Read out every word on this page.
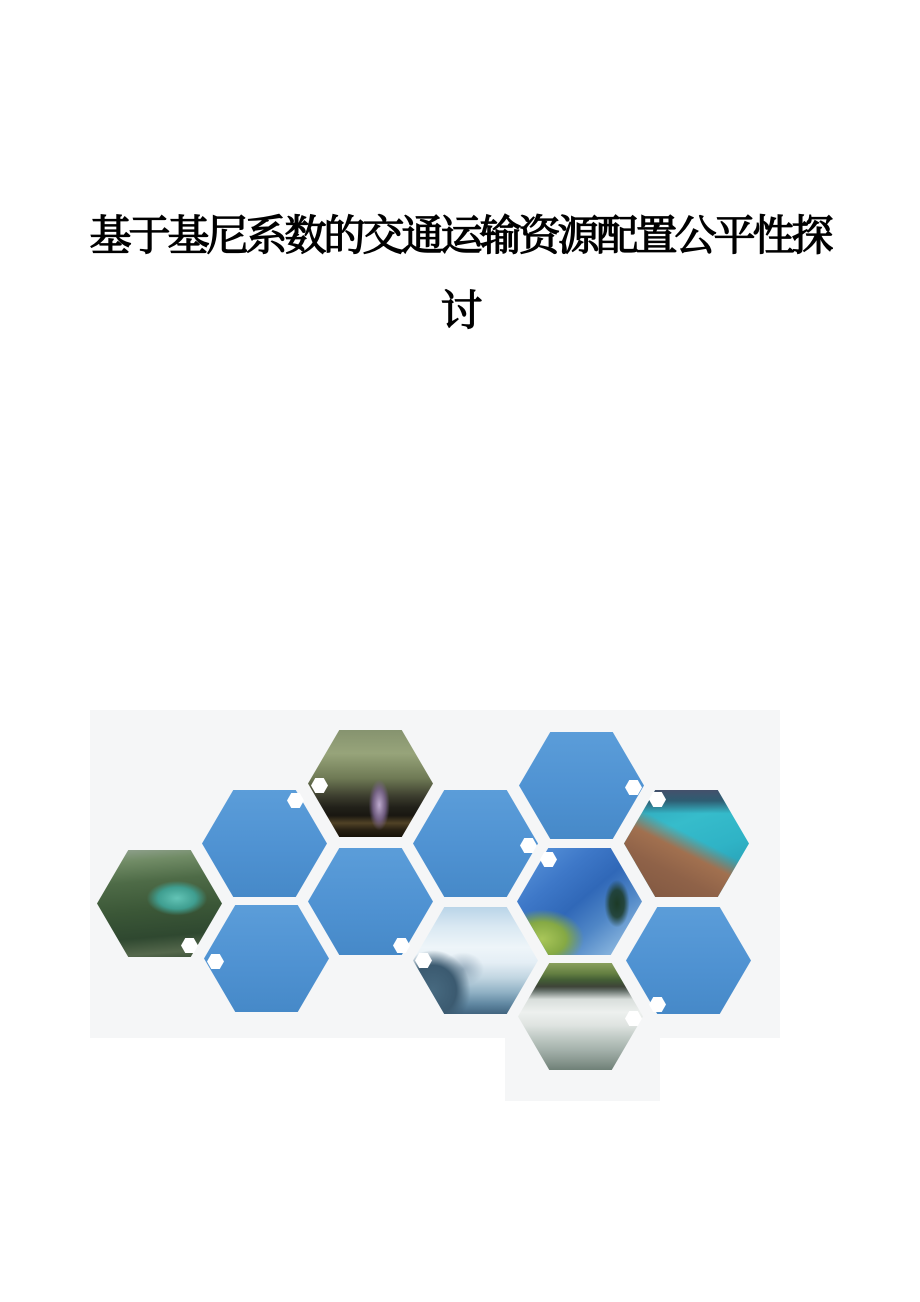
基于基尼系数的交通运输资源配置公平性探
讨
